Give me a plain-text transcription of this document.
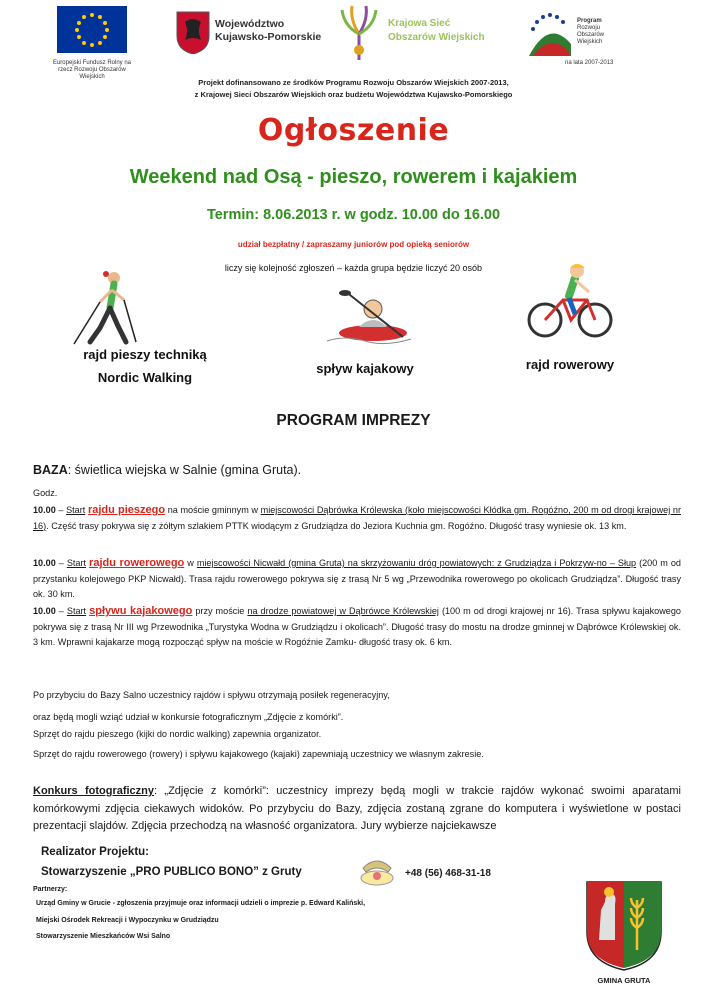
Europejski Fundusz Rolny na rzecz Rozwoju Obszarów Wiejskich
Województwo
Kujawsko-Pomorskie
Krajowa Sieć
Obszarów Wiejskich
Program
Rozwoju
Obszarów
Wiejskich
na lata 2007-2013
Projekt dofinansowano ze środków Programu Rozwoju Obszarów Wiejskich 2007-2013,
z Krajowej Sieci Obszarów Wiejskich oraz budżetu Województwa Kujawsko-Pomorskiego
Ogłoszenie
Weekend nad Osą - pieszo, rowerem i kajakiem
Termin: 8.06.2013 r. w godz. 10.00 do 16.00
udział bezpłatny / zapraszamy juniorów pod opieką seniorów
liczy się kolejność zgłoszeń – każda grupa będzie liczyć 20 osób
rajd pieszy techniką
Nordic Walking
spływ kajakowy	rajd rowerowy
PROGRAM IMPREZY
BAZA: świetlica wiejska w Salnie (gmina Gruta).
Godz.
10.00 – Start rajdu pieszego na moście gminnym w miejscowości Dąbrówka Królewska (koło miejscowości Kłódka gm. Rogóźno, 200 m od drogi krajowej nr 16). Część trasy pokrywa się z żółtym szlakiem PTTK wiodącym z Grudziądza do Jeziora Kuchnia gm. Rogóźno. Długość trasy wyniesie ok. 13 km.
10.00 – Start rajdu rowerowego w miejscowości Nicwałd (gmina Gruta) na skrzyżowaniu dróg powiatowych: z Grudziądza i Pokrzyw-no – Słup (200 m od przystanku kolejowego PKP Nicwałd). Trasa rajdu rowerowego pokrywa się z trasą Nr 5 wg „Przewodnika rowerowego po okolicach Grudziądza”. Długość trasy ok. 30 km.
10.00 – Start spływu kajakowego przy moście na drodze powiatowej w Dąbrówce Królewskiej (100 m od drogi krajowej nr 16). Trasa spływu kajakowego pokrywa się z trasą Nr III wg Przewodnika „Turystyka Wodna w Grudziądzu i okolicach”. Długość trasy do mostu na drodze gminnej w Dąbrówce Królewskiej ok. 3 km. Wprawni kajakarze mogą rozpocząć spływ na moście w Rogóźnie Zamku- długość trasy ok. 6 km.
Po przybyciu do Bazy Salno uczestnicy rajdów i spływu otrzymają posiłek regeneracyjny,
oraz będą mogli wziąć udział w konkursie fotograficznym „Zdjęcie z komórki”.
Sprzęt do rajdu pieszego (kijki do nordic walking) zapewnia organizator.
Sprzęt do rajdu rowerowego (rowery) i spływu kajakowego (kajaki) zapewniają uczestnicy we własnym zakresie.
Konkurs fotograficzny: „Zdjęcie z komórki”: uczestnicy imprezy będą mogli w trakcie rajdów wykonać swoimi aparatami komórkowymi zdjęcia ciekawych widoków. Po przybyciu do Bazy, zdjęcia zostaną zgrane do komputera i wyświetlone w postaci prezentacji slajdów. Zdjęcia przechodzą na własność organizatora. Jury wybierze najciekawsze
Realizator Projektu:
Stowarzyszenie „PRO PUBLICO BONO” z Gruty	+48 (56) 468-31-18
Partnerzy:
Urząd Gminy w Grucie - zgłoszenia przyjmuje oraz informacji udzieli o imprezie p. Edward Kaliński,
Miejski Ośrodek Rekreacji i Wypoczynku w Grudziądzu
Stowarzyszenie Mieszkańców Wsi Salno
GMINA GRUTA
